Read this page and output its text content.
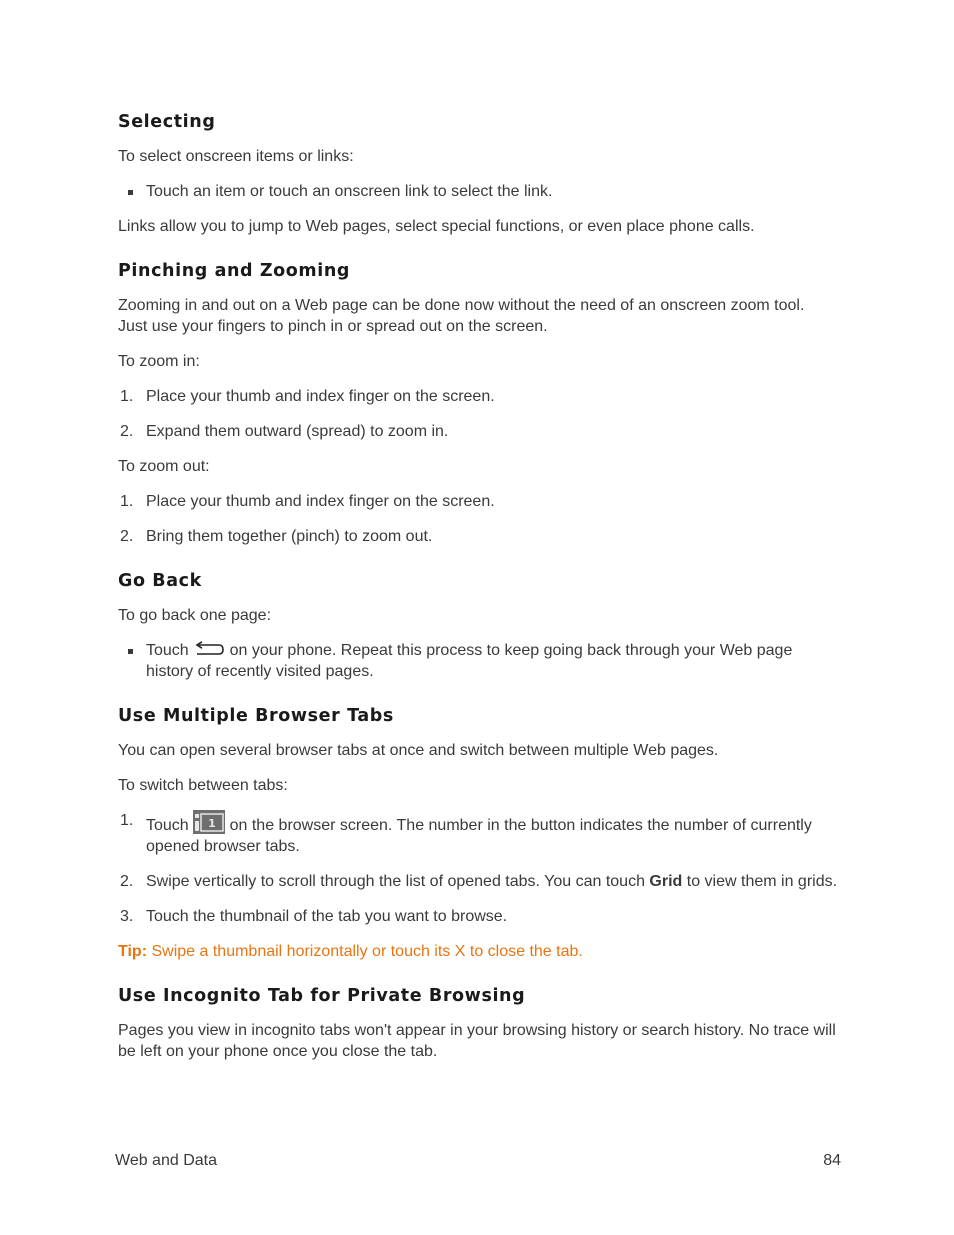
Selecting

To select onscreen items or links:

Touch an item or touch an onscreen link to select the link.

Links allow you to jump to Web pages, select special functions, or even place phone calls.

Pinching and Zooming

Zooming in and out on a Web page can be done now without the need of an onscreen zoom tool. Just use your fingers to pinch in or spread out on the screen.

To zoom in:

1. Place your thumb and index finger on the screen.
2. Expand them outward (spread) to zoom in.

To zoom out:

1. Place your thumb and index finger on the screen.
2. Bring them together (pinch) to zoom out.
Go Back

To go back one page:

Touch	on your phone. Repeat this process to keep going back through your Web page history of recently visited pages.
Use Multiple Browser Tabs

You can open several browser tabs at once and switch between multiple Web pages.

To switch between tabs:

1. Touch 1 on the browser screen. The number in the button indicates the number of currently opened browser tabs.
2. Swipe vertically to scroll through the list of opened tabs. You can touch Grid to view them in grids.
3. Touch the thumbnail of the tab you want to browse.

Tip: Swipe a thumbnail horizontally or touch its X to close the tab.

Use Incognito Tab for Private Browsing

Pages you view in incognito tabs won't appear in your browsing history or search history. No trace will be left on your phone once you close the tab.

Web and Data	84
